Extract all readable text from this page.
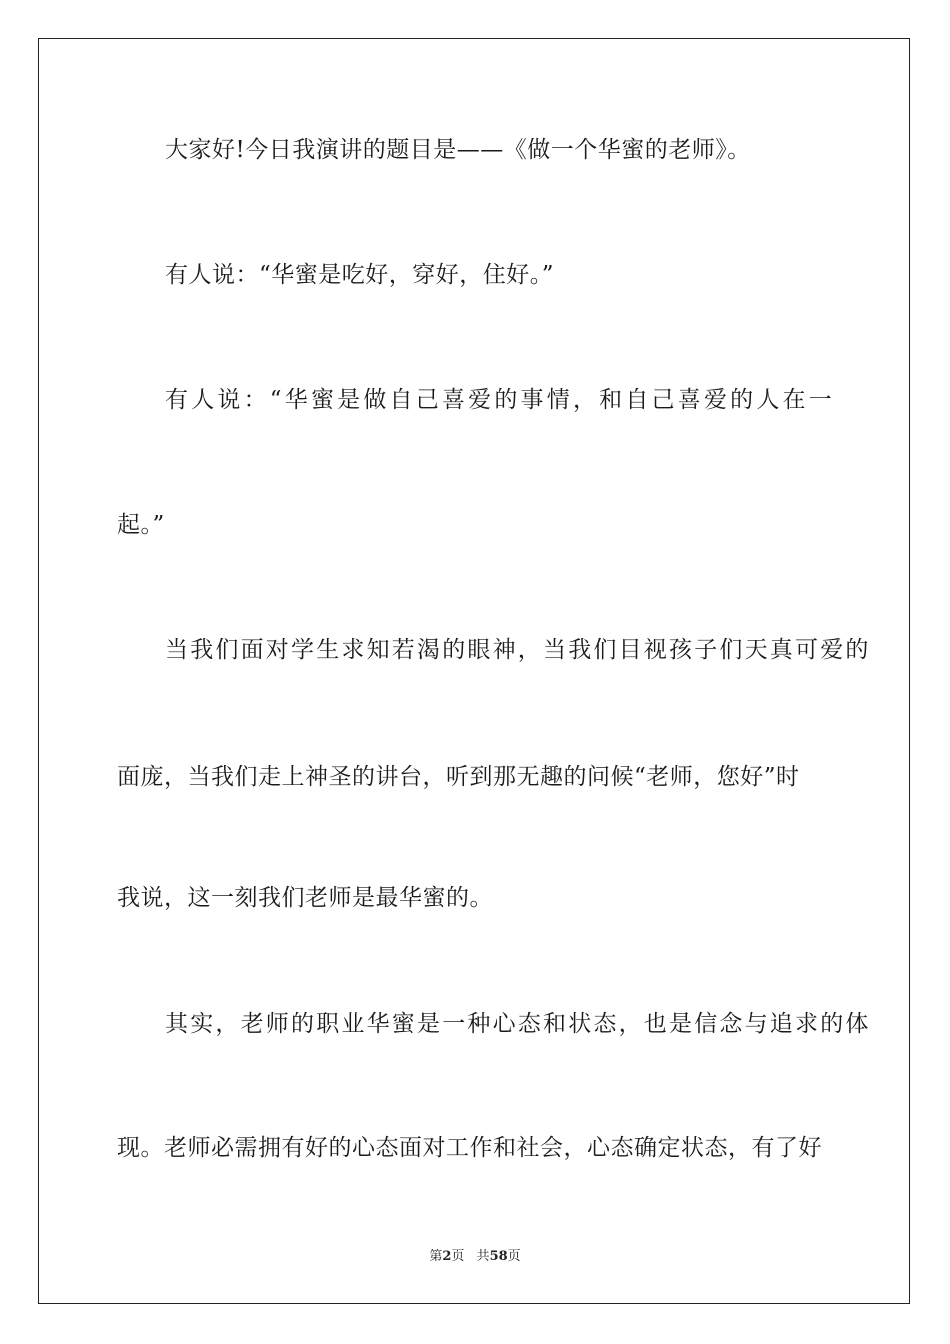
大家好!今日我演讲的题目是——《做一个华蜜的老师》。
有人说：“华蜜是吃好，穿好，住好。”
有人说：“华蜜是做自己喜爱的事情，和自己喜爱的人在一
起。”
当我们面对学生求知若渴的眼神，当我们目视孩子们天真可爱的
面庞，当我们走上神圣的讲台，听到那无趣的问候“老师，您好”时
我说，这一刻我们老师是最华蜜的。
其实，老师的职业华蜜是一种心态和状态，也是信念与追求的体
现。老师必需拥有好的心态面对工作和社会，心态确定状态，有了好
第2页 共58页
